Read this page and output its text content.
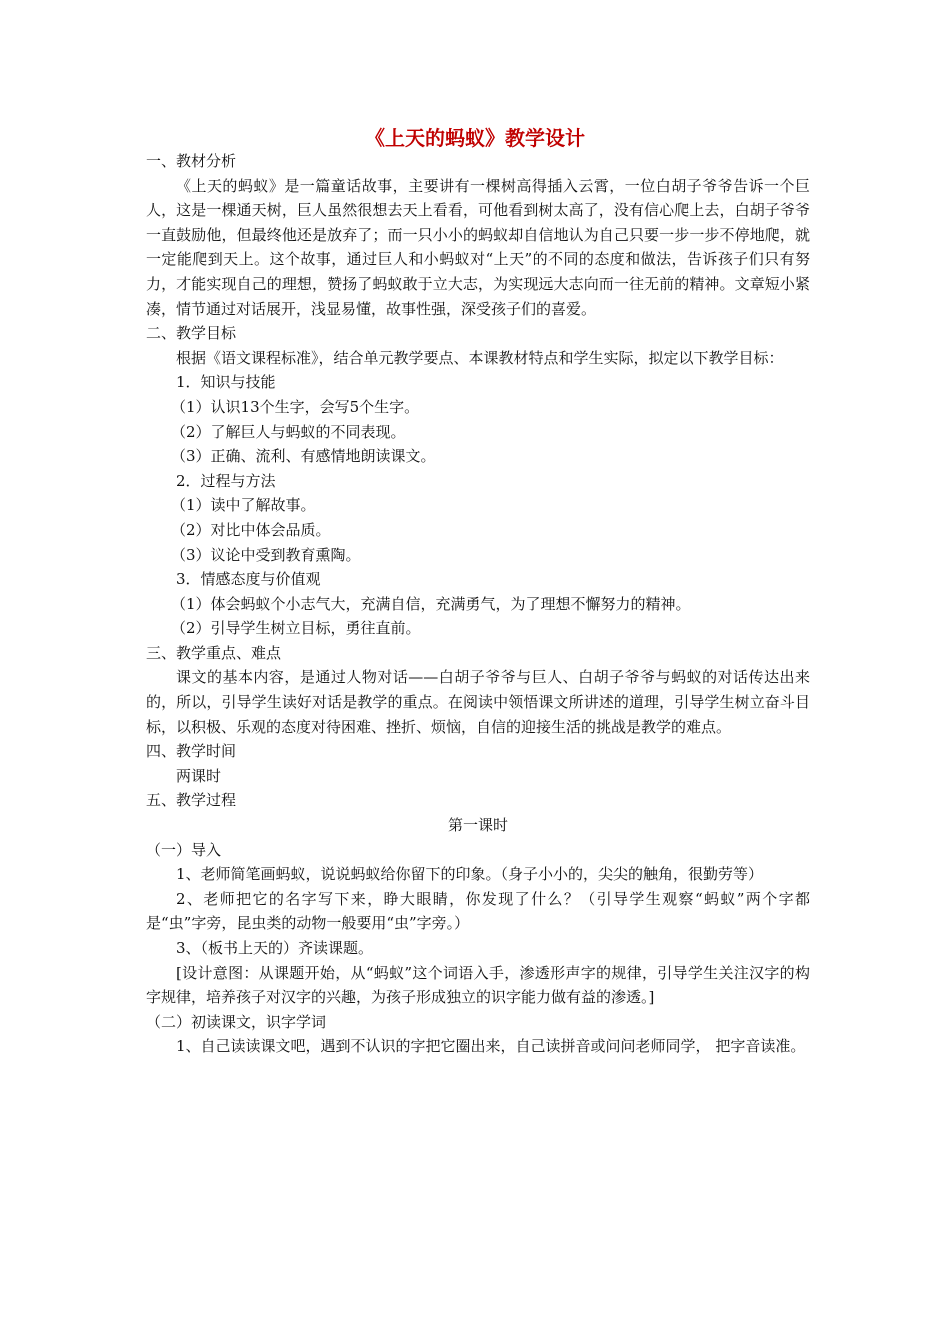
《上天的蚂蚁》教学设计

一、教材分析

《上天的蚂蚁》是一篇童话故事，主要讲有一棵树高得插入云霄，一位白胡子爷爷告诉一个巨人，这是一棵通天树，巨人虽然很想去天上看看，可他看到树太高了，没有信心爬上去，白胡子爷爷一直鼓励他，但最终他还是放弃了；而一只小小的蚂蚁却自信地认为自己只要一步一步不停地爬，就一定能爬到天上。这个故事，通过巨人和小蚂蚁对“上天”的不同的态度和做法，告诉孩子们只有努力，才能实现自己的理想，赞扬了蚂蚁敢于立大志，为实现远大志向而一往无前的精神。文章短小紧凑，情节通过对话展开，浅显易懂，故事性强，深受孩子们的喜爱。

二、教学目标

根据《语文课程标准》，结合单元教学要点、本课教材特点和学生实际，拟定以下教学目标：

1．知识与技能

（1）认识13个生字，会写5个生字。

（2）了解巨人与蚂蚁的不同表现。

（3）正确、流利、有感情地朗读课文。

2．过程与方法

（1）读中了解故事。

（2）对比中体会品质。

（3）议论中受到教育熏陶。

3．情感态度与价值观

（1）体会蚂蚁个小志气大，充满自信，充满勇气，为了理想不懈努力的精神。

（2）引导学生树立目标，勇往直前。

三、教学重点、难点

课文的基本内容，是通过人物对话——白胡子爷爷与巨人、白胡子爷爷与蚂蚁的对话传达出来的，所以，引导学生读好对话是教学的重点。在阅读中领悟课文所讲述的道理，引导学生树立奋斗目标，以积极、乐观的态度对待困难、挫折、烦恼，自信的迎接生活的挑战是教学的难点。

四、教学时间

两课时

五、教学过程

第一课时

（一）导入

1、老师简笔画蚂蚁，说说蚂蚁给你留下的印象。（身子小小的，尖尖的触角，很勤劳等）

2、老师把它的名字写下来，睁大眼睛，你发现了什么？（引导学生观察“蚂蚁”两个字都是“虫”字旁，昆虫类的动物一般要用“虫”字旁。）

3、（板书上天的）齐读课题。

[设计意图：从课题开始，从“蚂蚁”这个词语入手，渗透形声字的规律，引导学生关注汉字的构字规律，培养孩子对汉字的兴趣，为孩子形成独立的识字能力做有益的渗透。]

（二）初读课文，识字学词

1、自己读读课文吧，遇到不认识的字把它圈出来，自己读拼音或问问老师同学， 把字音读准。
